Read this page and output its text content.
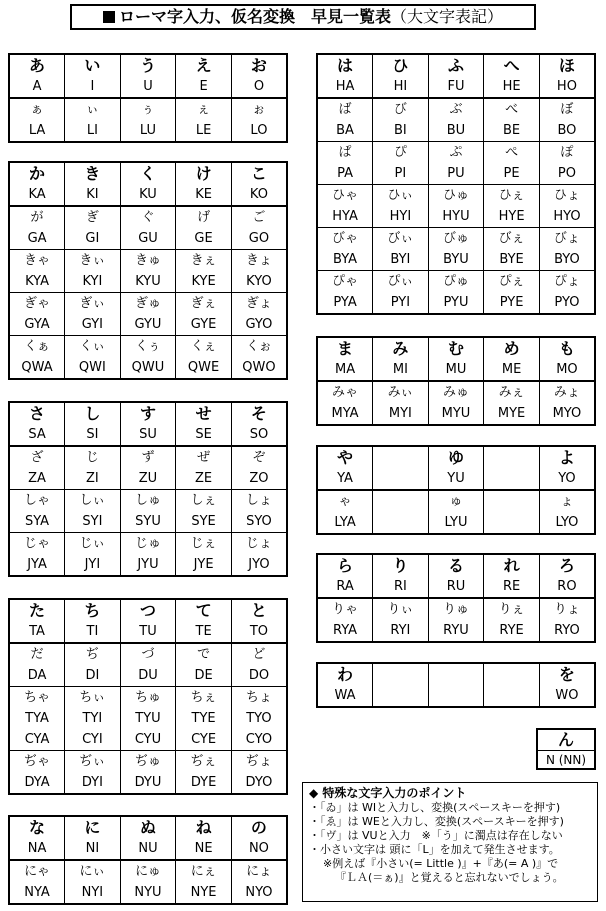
ローマ字入力、仮名変換　早見一覧表（大文字表記）
あ	い	う	え	お
A	I	U	E	O
ぁ	ぃ	ぅ	ぇ	ぉ
LA	LI	LU	LE	LO
か	き	く	け	こ
KA	KI	KU	KE	KO
が	ぎ	ぐ	げ	ご
GA	GI	GU	GE	GO
きゃ	きぃ	きゅ	きぇ	きょ
KYA	KYI	KYU	KYE	KYO
ぎゃ	ぎぃ	ぎゅ	ぎぇ	ぎょ
GYA	GYI	GYU	GYE	GYO
くぁ	くぃ	くぅ	くぇ	くぉ
QWA	QWI	QWU	QWE	QWO
さ	し	す	せ	そ
SA	SI	SU	SE	SO
ざ	じ	ず	ぜ	ぞ
ZA	ZI	ZU	ZE	ZO
しゃ	しぃ	しゅ	しぇ	しょ
SYA	SYI	SYU	SYE	SYO
じゃ	じぃ	じゅ	じぇ	じょ
JYA	JYI	JYU	JYE	JYO
た	ち	つ	て	と
TA	TI	TU	TE	TO
だ	ぢ	づ	で	ど
DA	DI	DU	DE	DO
ちゃ	ちぃ	ちゅ	ちぇ	ちょ
TYA	TYI	TYU	TYE	TYO
CYA	CYI	CYU	CYE	CYO
ぢゃ	ぢぃ	ぢゅ	ぢぇ	ぢょ
DYA	DYI	DYU	DYE	DYO
な	に	ぬ	ね	の
NA	NI	NU	NE	NO
にゃ	にぃ	にゅ	にぇ	にょ
NYA	NYI	NYU	NYE	NYO
は	ひ	ふ	へ	ほ
HA	HI	FU	HE	HO
ば	び	ぶ	べ	ぼ
BA	BI	BU	BE	BO
ぱ	ぴ	ぷ	ぺ	ぽ
PA	PI	PU	PE	PO
ひゃ	ひぃ	ひゅ	ひぇ	ひょ
HYA	HYI	HYU	HYE	HYO
びゃ	びぃ	びゅ	びぇ	びょ
BYA	BYI	BYU	BYE	BYO
ぴゃ	ぴぃ	ぴゅ	ぴぇ	ぴょ
PYA	PYI	PYU	PYE	PYO
ま	み	む	め	も
MA	MI	MU	ME	MO
みゃ	みぃ	みゅ	みぇ	みょ
MYA	MYI	MYU	MYE	MYO
や		ゆ		よ
YA		YU		YO
ゃ		ゅ		ょ
LYA		LYU		LYO
ら	り	る	れ	ろ
RA	RI	RU	RE	RO
りゃ	りぃ	りゅ	りぇ	りょ
RYA	RYI	RYU	RYE	RYO
わ				を
WA				WO
ん
N (NN)
◆ 特殊な文字入力のポイント
・「ゐ」は WIと入力し、変換(スペースキーを押す)
・「ゑ」は WEと入力し、変換(スペースキーを押す)
・「ヴ」は VUと入力　※「う」に濁点は存在しない
・小さい文字は 頭に「L」を加えて発生させます。
※例えば『小さい(= Little )』+『あ(= A )』で
『ＬＡ(＝ぁ)』と覚えると忘れないでしょう。
